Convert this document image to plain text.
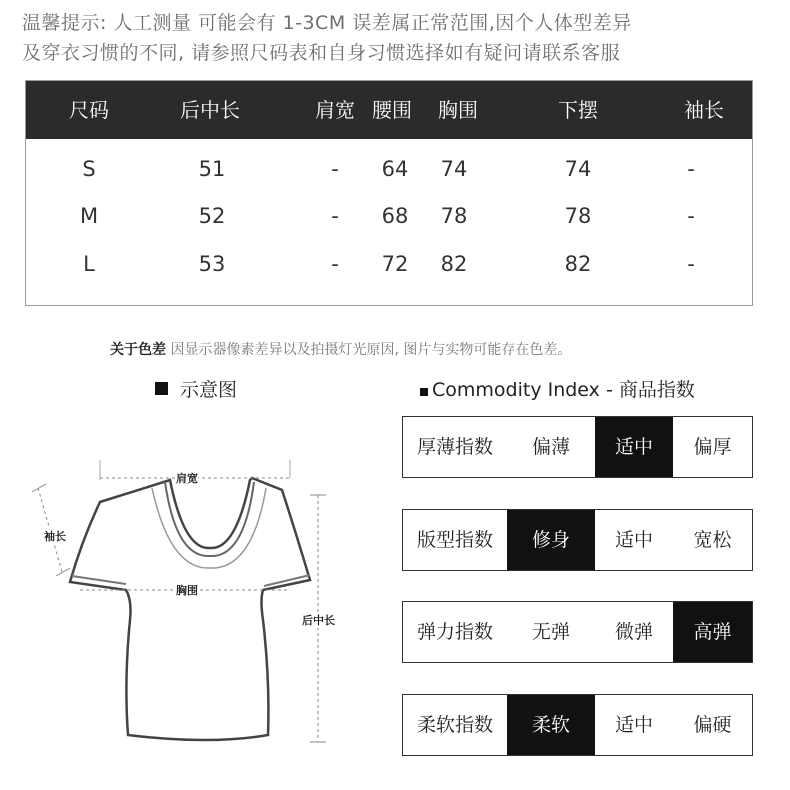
温馨提示: 人工测量 可能会有 1-3CM 误差属正常范围,因个人体型差异
及穿衣习惯的不同, 请参照尺码表和自身习惯选择如有疑问请联系客服
尺码	后中长	肩宽 腰围 胸围	下摆	袖长
S	51	- 64 74	74	-
M	52	- 68 78	78	-
L	53	- 72 82	82	-
关于色差 因显示器像素差异以及拍摄灯光原因, 图片与实物可能存在色差。
示意图	Commodity Index - 商品指数
肩宽
袖长
胸围
后中长
厚薄指数	偏薄	适中	偏厚
版型指数	修身	适中	宽松
弹力指数	无弹	微弹	高弹
柔软指数	柔软	适中	偏硬
